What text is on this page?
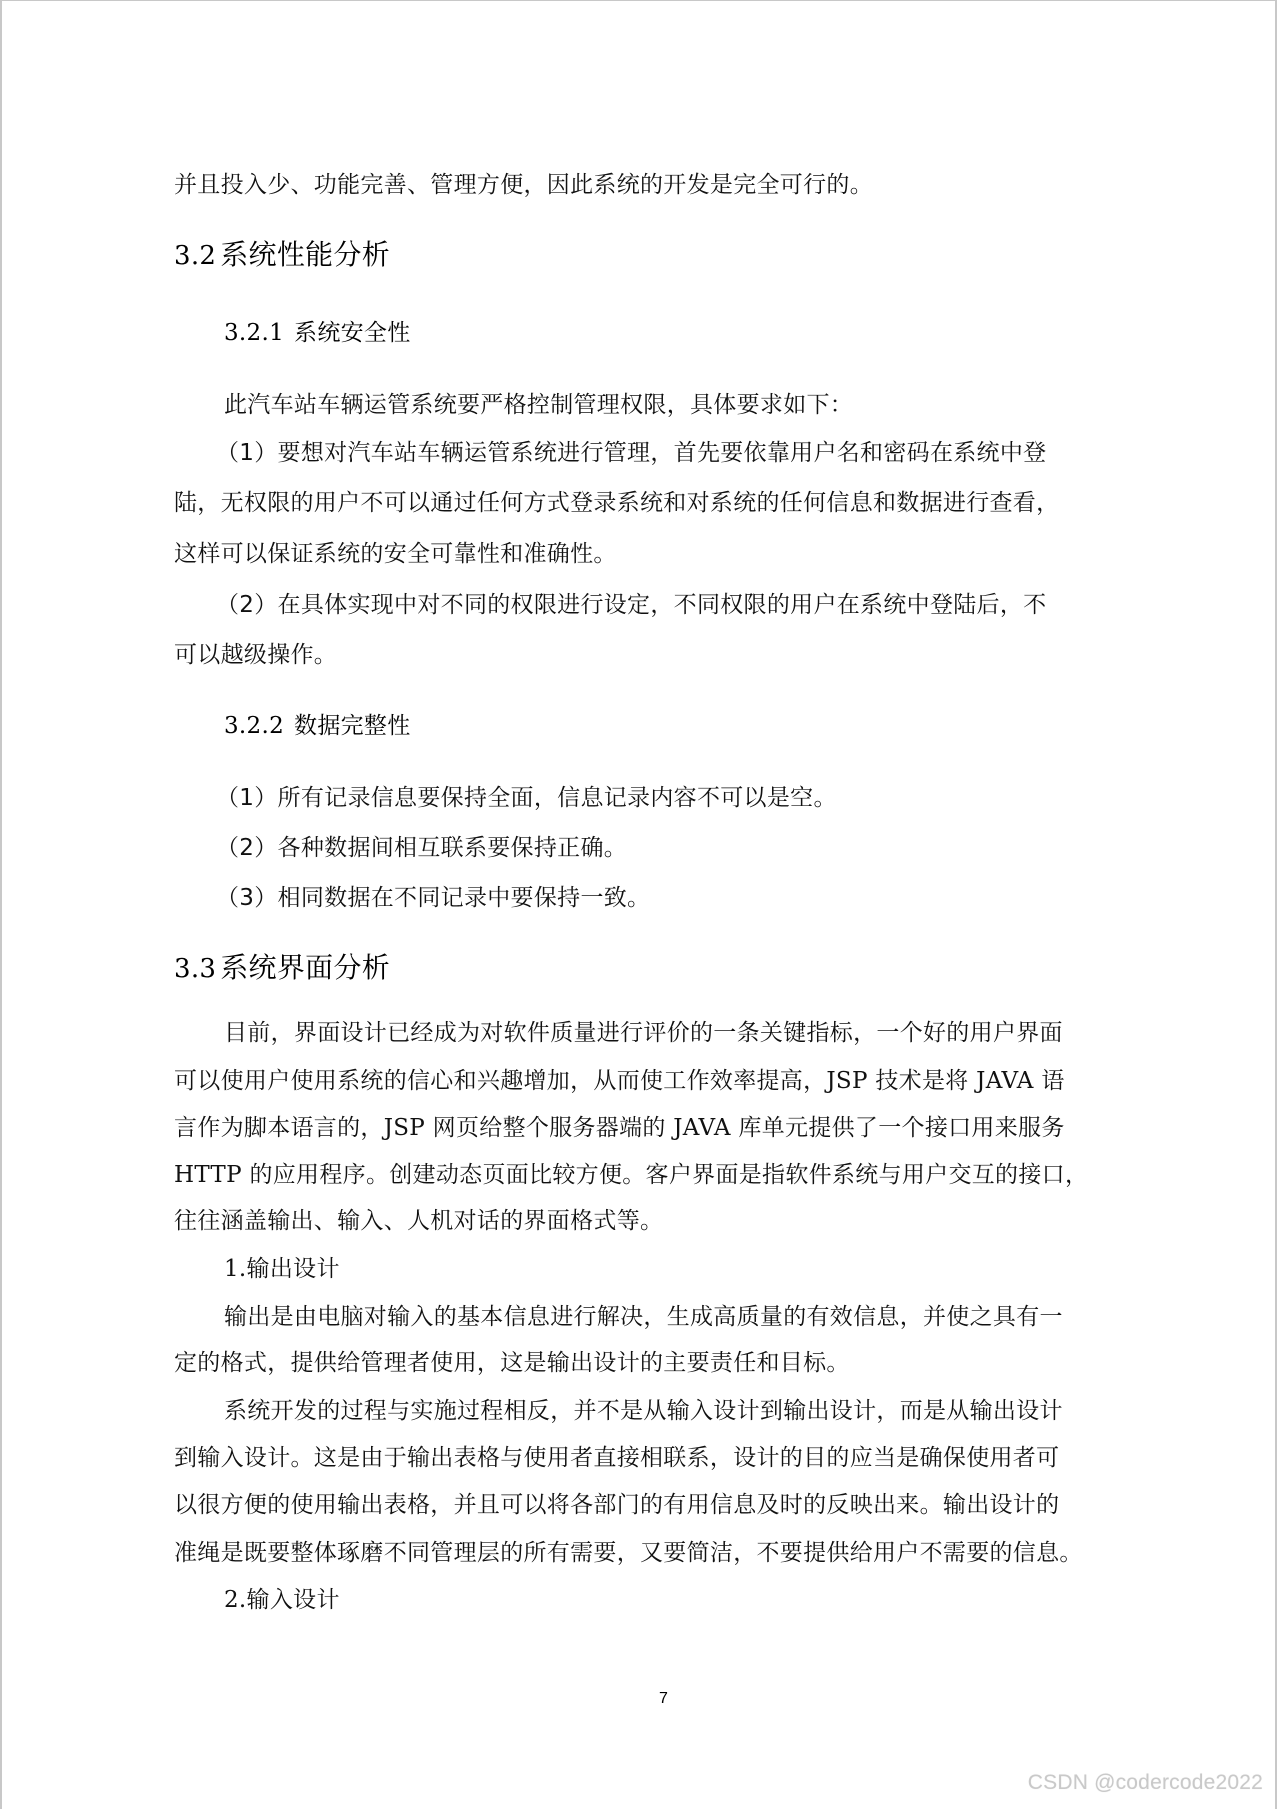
并且投入少、功能完善、管理方便，因此系统的开发是完全可行的。
3.2 系统性能分析
3.2.1 系统安全性
此汽车站车辆运管系统要严格控制管理权限，具体要求如下：
（1）要想对汽车站车辆运管系统进行管理，首先要依靠用户名和密码在系统中登
陆，无权限的用户不可以通过任何方式登录系统和对系统的任何信息和数据进行查看，
这样可以保证系统的安全可靠性和准确性。
（2）在具体实现中对不同的权限进行设定，不同权限的用户在系统中登陆后，不
可以越级操作。
3.2.2 数据完整性
（1）所有记录信息要保持全面，信息记录内容不可以是空。
（2）各种数据间相互联系要保持正确。
（3）相同数据在不同记录中要保持一致。
3.3 系统界面分析
目前，界面设计已经成为对软件质量进行评价的一条关键指标，一个好的用户界面
可以使用户使用系统的信心和兴趣增加，从而使工作效率提高，JSP 技术是将 JAVA 语
言作为脚本语言的，JSP 网页给整个服务器端的 JAVA 库单元提供了一个接口用来服务
HTTP 的应用程序。创建动态页面比较方便。客户界面是指软件系统与用户交互的接口，
往往涵盖输出、输入、人机对话的界面格式等。
1.输出设计
输出是由电脑对输入的基本信息进行解决，生成高质量的有效信息，并使之具有一
定的格式，提供给管理者使用，这是输出设计的主要责任和目标。
系统开发的过程与实施过程相反，并不是从输入设计到输出设计，而是从输出设计
到输入设计。这是由于输出表格与使用者直接相联系，设计的目的应当是确保使用者可
以很方便的使用输出表格，并且可以将各部门的有用信息及时的反映出来。输出设计的
准绳是既要整体琢磨不同管理层的所有需要，又要简洁，不要提供给用户不需要的信息。
2.输入设计
7
CSDN @codercode2022
